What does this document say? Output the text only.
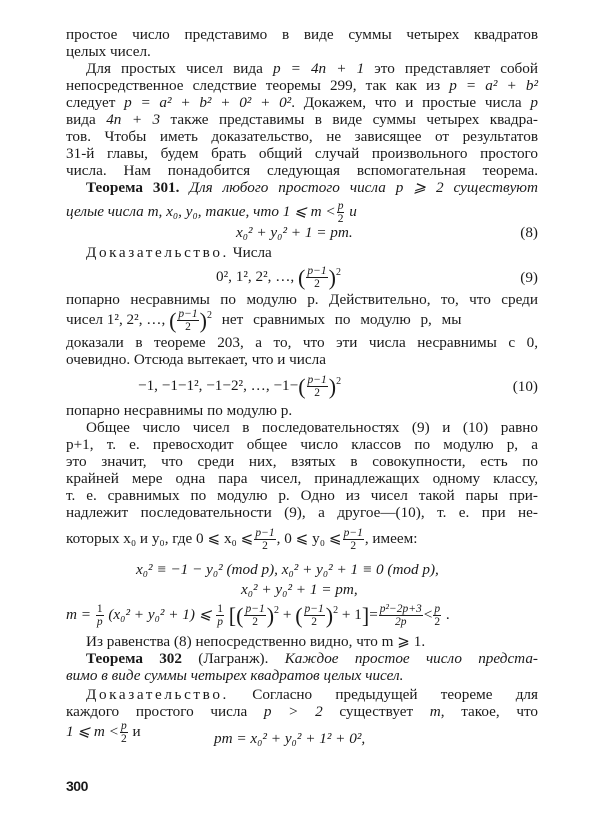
простое число представимо в виде суммы четырех квадратов
целых чисел.
Для простых чисел вида p = 4n + 1 это представляет собой
непосредственное следствие теоремы 299, так как из p = a² + b²
следует p = a² + b² + 0² + 0². Докажем, что и простые числа p
вида 4n + 3 также представимы в виде суммы четырех квадра-
тов. Чтобы иметь доказательство, не зависящее от результатов
31-й главы, будем брать общий случай произвольного простого
числа. Нам понадобится следующая вспомогательная теорема.
Теорема 301. Для любого простого числа p ⩾ 2 существуют
целые числа m, x₀, y₀, такие, что 1 ⩽ $m < \frac{p}{2}$ и
x₀² + y₀² + 1 = pm.	(8)
Доказательство. Числа
0², 1², 2², …, ( $\frac{p-1}{2} )^2$	(9)
попарно несравнимы по модулю p. Действительно, то, что среди
чисел 1², 2², …, ( $\frac{p-1}{2} )^2$ нет сравнимых по модулю p, мы
доказали в теореме 203, а то, что эти числа несравнимы с 0,
очевидно. Отсюда вытекает, что и числа
−1, −1−1², −1−2², …, $-1-( \frac{p-1}{2} )^2$	(10)
попарно несравнимы по модулю p.
Общее число чисел в последовательностях (9) и (10) равно
p+1, т. е. превосходит общее число классов по модулю p, а
это значит, что среди них, взятых в совокупности, есть по
крайней мере одна пара чисел, принадлежащих одному классу,
т. е. сравнимых по модулю p. Одно из чисел такой пары при-
надлежит последовательности (9), а другое—(10), т. е. при не-
которых x₀ и y₀, где 0 ⩽ x₀ ⩽ $\frac{p-1}{2}$ , 0 ⩽ y₀ ⩽ $\frac{p-1}{2}$ , имеем:
x₀² ≡ −1 − y₀² (mod p), x₀² + y₀² + 1 ≡ 0 (mod p),
x₀² + y₀² + 1 = pm,
$m = \frac{1}{p} (x_0^2 + y_0^2 + 1)$ ⩽ $\frac{1}{p}$ [( $\frac{p-1}{2} )^2$ + ( $\frac{p-1}{2} )^2 + 1]= \frac{\text{p²−2p+3}}{2p} < \frac{p}{2}$ .
Из равенства (8) непосредственно видно, что m ⩾ 1.
Теорема 302 (Лагранж). Каждое простое число предста-
вимо в виде суммы четырех квадратов целых чисел.
Доказательство. Согласно предыдущей теореме для
каждого простого числа p > 2 существует m, такое, что
1 ⩽ $m < \frac{p}{2}$ и	pm = x₀² + y₀² + 1² + 0²,
300
